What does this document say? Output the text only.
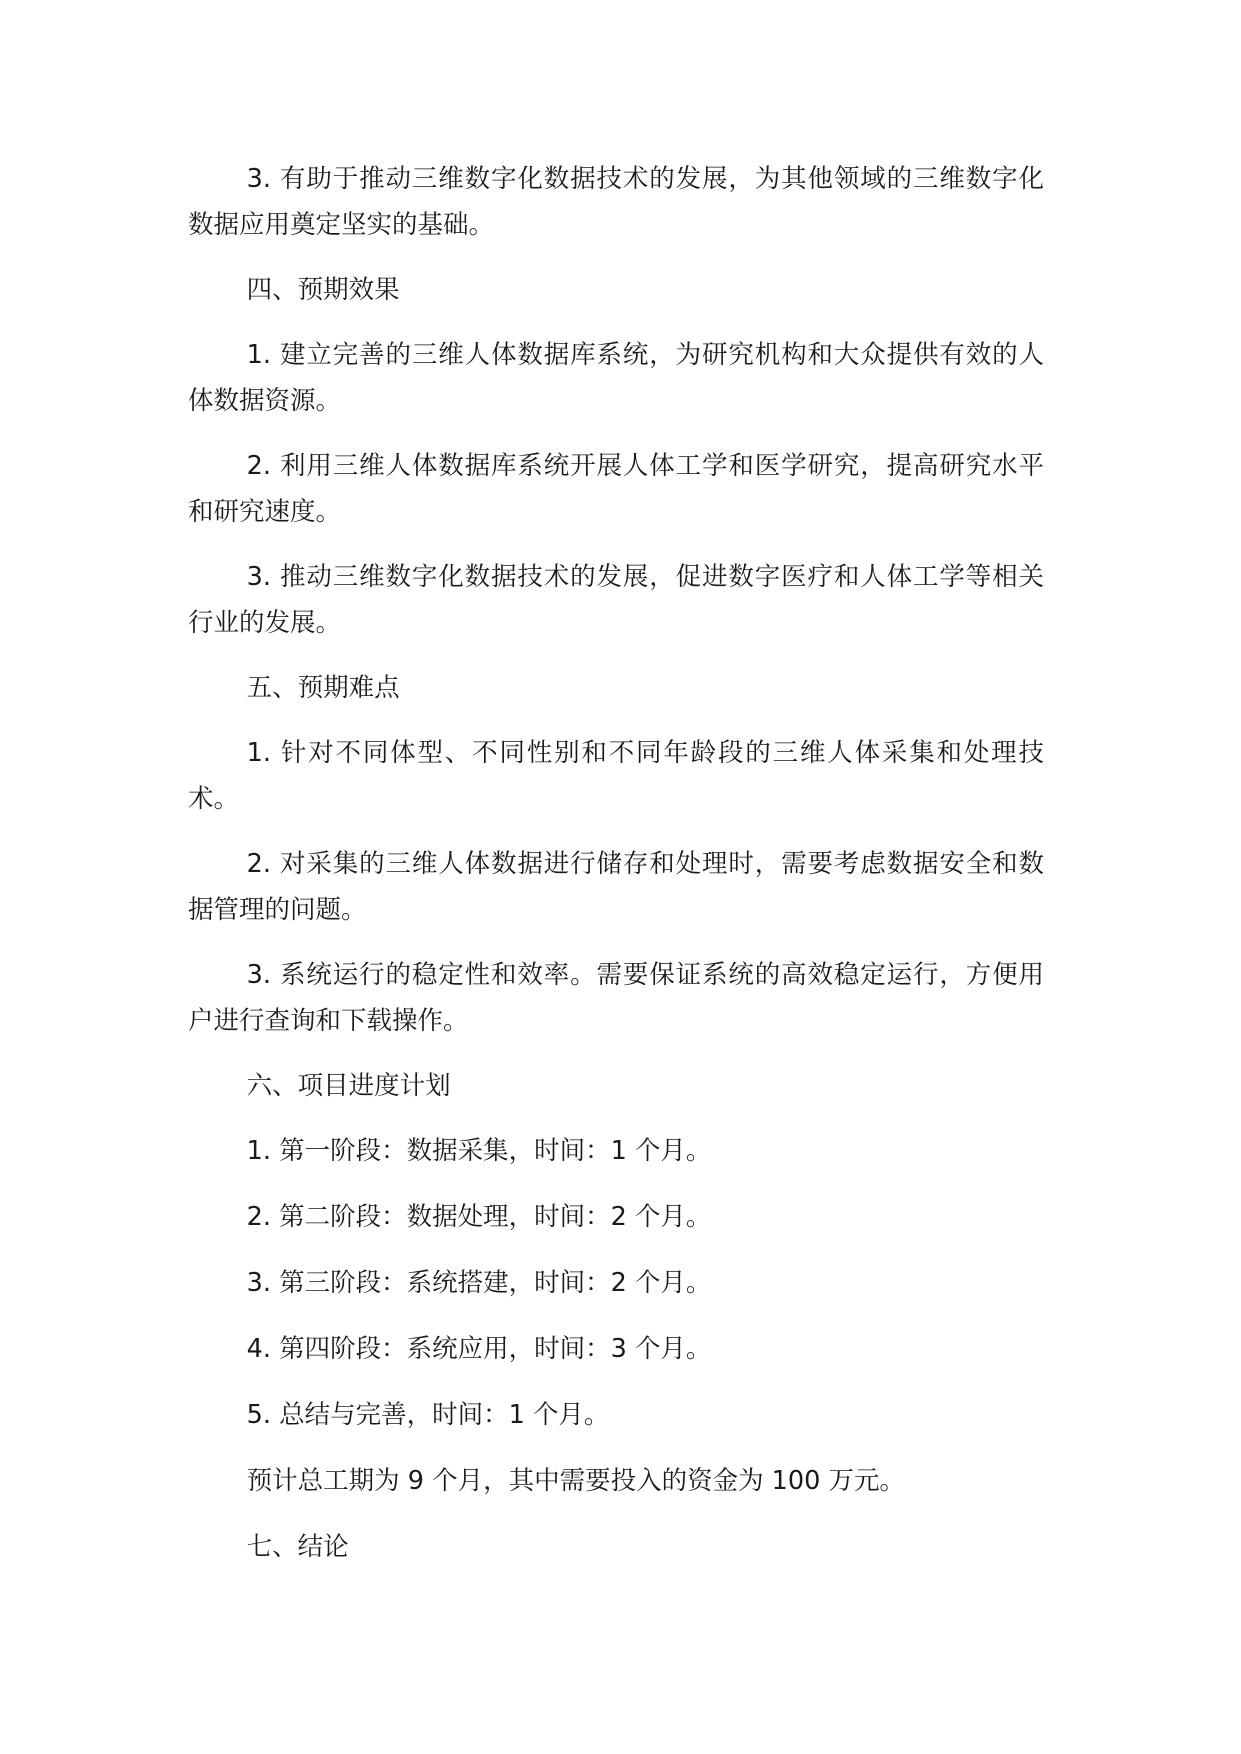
3. 有助于推动三维数字化数据技术的发展，为其他领域的三维数字化数据应用奠定坚实的基础。

四、预期效果

1. 建立完善的三维人体数据库系统，为研究机构和大众提供有效的人体数据资源。

2. 利用三维人体数据库系统开展人体工学和医学研究，提高研究水平和研究速度。

3. 推动三维数字化数据技术的发展，促进数字医疗和人体工学等相关行业的发展。

五、预期难点

1. 针对不同体型、不同性别和不同年龄段的三维人体采集和处理技术。

2. 对采集的三维人体数据进行储存和处理时，需要考虑数据安全和数据管理的问题。

3. 系统运行的稳定性和效率。需要保证系统的高效稳定运行，方便用户进行查询和下载操作。

六、项目进度计划

1. 第一阶段：数据采集，时间：1 个月。

2. 第二阶段：数据处理，时间：2 个月。

3. 第三阶段：系统搭建，时间：2 个月。

4. 第四阶段：系统应用，时间：3 个月。

5. 总结与完善，时间：1 个月。

预计总工期为 9 个月，其中需要投入的资金为 100 万元。

七、结论
